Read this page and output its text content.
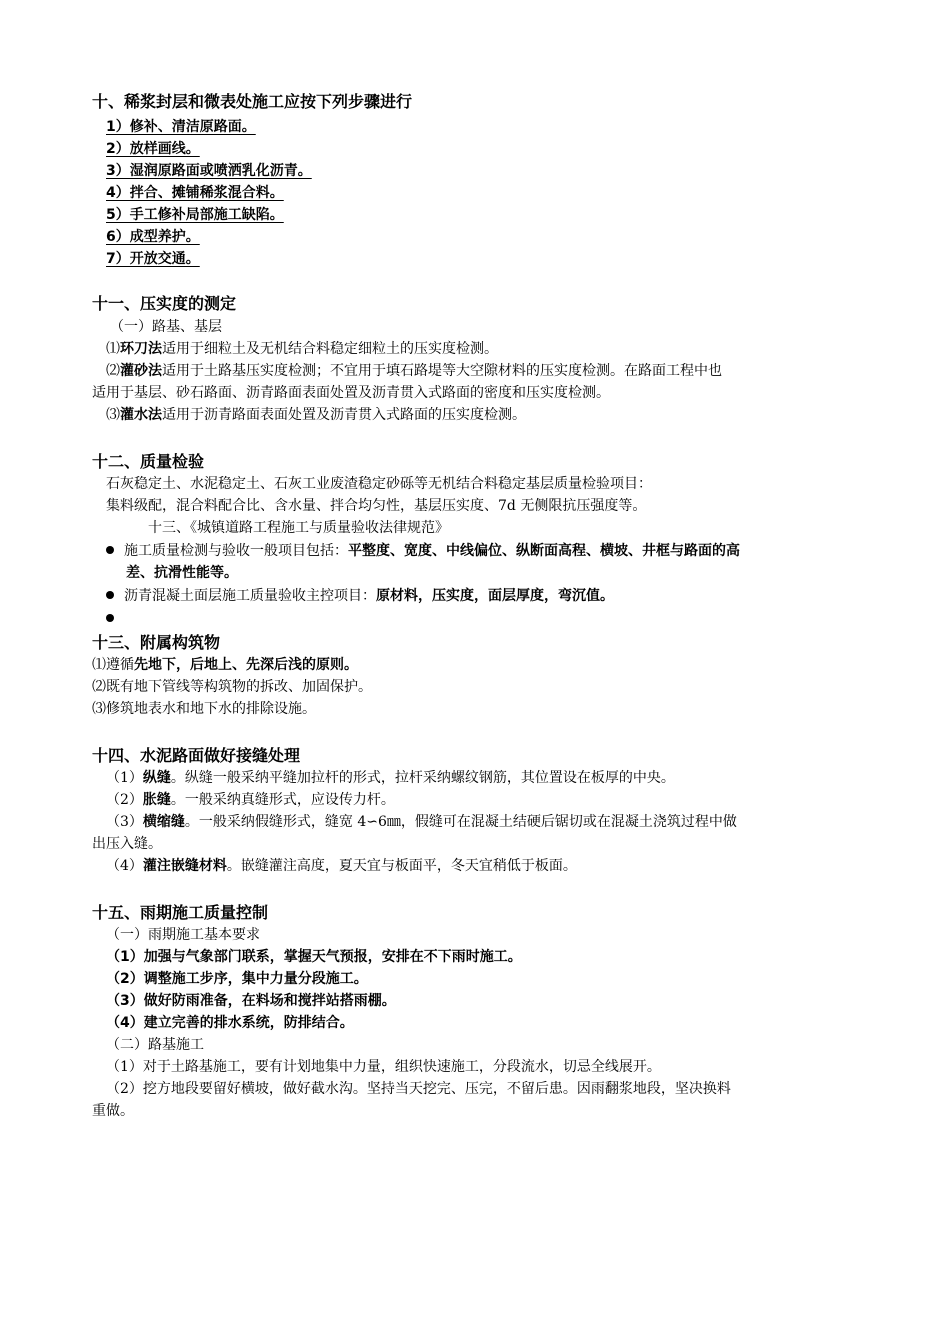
十、稀浆封层和微表处施工应按下列步骤进行
1）修补、清洁原路面。
2）放样画线。
3）湿润原路面或喷洒乳化沥青。
4）拌合、摊铺稀浆混合料。
5）手工修补局部施工缺陷。
6）成型养护。
7）开放交通。
十一、压实度的测定
（一）路基、基层
⑴环刀法适用于细粒土及无机结合料稳定细粒土的压实度检测。
⑵灌砂法适用于土路基压实度检测；不宜用于填石路堤等大空隙材料的压实度检测。在路面工程中也
适用于基层、砂石路面、沥青路面表面处置及沥青贯入式路面的密度和压实度检测。
⑶灌水法适用于沥青路面表面处置及沥青贯入式路面的压实度检测。
十二、质量检验
石灰稳定土、水泥稳定土、石灰工业废渣稳定砂砾等无机结合料稳定基层质量检验项目：
集料级配，混合料配合比、含水量、拌合均匀性，基层压实度、7d 无侧限抗压强度等。
十三、《城镇道路工程施工与质量验收法律规范》
施工质量检测与验收一般项目包括：平整度、宽度、中线偏位、纵断面高程、横坡、井框与路面的高
差、抗滑性能等。
沥青混凝土面层施工质量验收主控项目：原材料，压实度，面层厚度，弯沉值。
十三、附属构筑物
⑴遵循先地下，后地上、先深后浅的原则。
⑵既有地下管线等构筑物的拆改、加固保护。
⑶修筑地表水和地下水的排除设施。
十四、水泥路面做好接缝处理
（1）纵缝。纵缝一般采纳平缝加拉杆的形式，拉杆采纳螺纹钢筋，其位置设在板厚的中央。
（2）胀缝。一般采纳真缝形式，应设传力杆。
（3）横缩缝。一般采纳假缝形式，缝宽 4∽6㎜，假缝可在混凝土结硬后锯切或在混凝土浇筑过程中做
出压入缝。
（4）灌注嵌缝材料。嵌缝灌注高度，夏天宜与板面平，冬天宜稍低于板面。
十五、雨期施工质量控制
（一）雨期施工基本要求
（1）加强与气象部门联系，掌握天气预报，安排在不下雨时施工。
（2）调整施工步序，集中力量分段施工。
（3）做好防雨准备，在料场和搅拌站搭雨棚。
（4）建立完善的排水系统，防排结合。
（二）路基施工
（1）对于土路基施工，要有计划地集中力量，组织快速施工，分段流水，切忌全线展开。
（2）挖方地段要留好横坡，做好截水沟。坚持当天挖完、压完，不留后患。因雨翻浆地段，坚决换料
重做。
